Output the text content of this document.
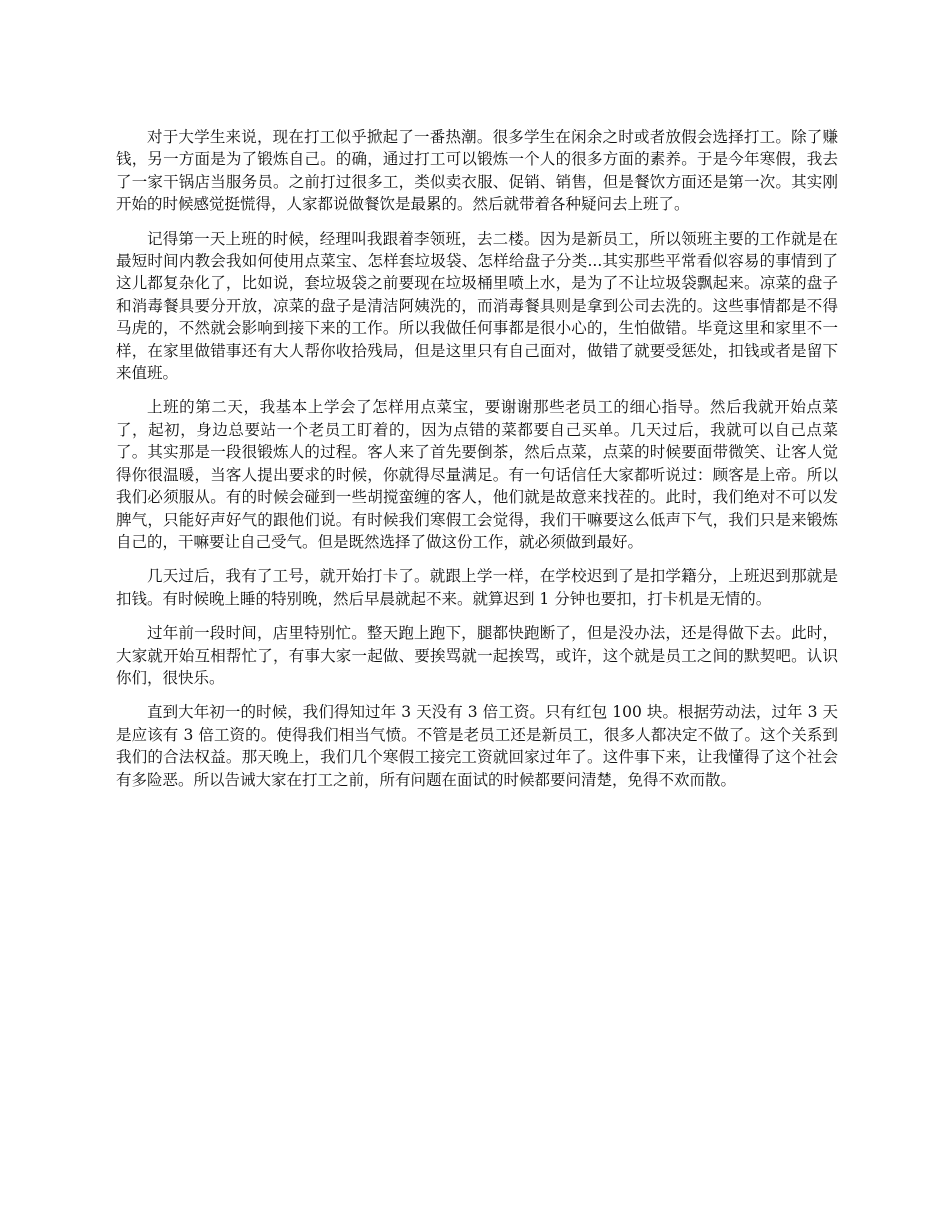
对于大学生来说，现在打工似乎掀起了一番热潮。很多学生在闲余之时或者放假会选择打工。除了赚钱，另一方面是为了锻炼自己。的确，通过打工可以锻炼一个人的很多方面的素养。于是今年寒假，我去了一家干锅店当服务员。之前打过很多工，类似卖衣服、促销、销售，但是餐饮方面还是第一次。其实刚开始的时候感觉挺慌得，人家都说做餐饮是最累的。然后就带着各种疑问去上班了。

记得第一天上班的时候，经理叫我跟着李领班，去二楼。因为是新员工，所以领班主要的工作就是在最短时间内教会我如何使用点菜宝、怎样套垃圾袋、怎样给盘子分类...其实那些平常看似容易的事情到了这儿都复杂化了，比如说，套垃圾袋之前要现在垃圾桶里喷上水，是为了不让垃圾袋飘起来。凉菜的盘子和消毒餐具要分开放，凉菜的盘子是清洁阿姨洗的，而消毒餐具则是拿到公司去洗的。这些事情都是不得马虎的，不然就会影响到接下来的工作。所以我做任何事都是很小心的，生怕做错。毕竟这里和家里不一样，在家里做错事还有大人帮你收拾残局，但是这里只有自己面对，做错了就要受惩处，扣钱或者是留下来值班。

上班的第二天，我基本上学会了怎样用点菜宝，要谢谢那些老员工的细心指导。然后我就开始点菜了，起初，身边总要站一个老员工盯着的，因为点错的菜都要自己买单。几天过后，我就可以自己点菜了。其实那是一段很锻炼人的过程。客人来了首先要倒茶，然后点菜，点菜的时候要面带微笑、让客人觉得你很温暖，当客人提出要求的时候，你就得尽量满足。有一句话信任大家都听说过：顾客是上帝。所以我们必须服从。有的时候会碰到一些胡搅蛮缠的客人，他们就是故意来找茬的。此时，我们绝对不可以发脾气，只能好声好气的跟他们说。有时候我们寒假工会觉得，我们干嘛要这么低声下气，我们只是来锻炼自己的，干嘛要让自己受气。但是既然选择了做这份工作，就必须做到最好。

几天过后，我有了工号，就开始打卡了。就跟上学一样，在学校迟到了是扣学籍分，上班迟到那就是扣钱。有时候晚上睡的特别晚，然后早晨就起不来。就算迟到 1 分钟也要扣，打卡机是无情的。

过年前一段时间，店里特别忙。整天跑上跑下，腿都快跑断了，但是没办法，还是得做下去。此时，大家就开始互相帮忙了，有事大家一起做、要挨骂就一起挨骂，或许，这个就是员工之间的默契吧。认识你们，很快乐。

直到大年初一的时候，我们得知过年 3 天没有 3 倍工资。只有红包 100 块。根据劳动法，过年 3 天是应该有 3 倍工资的。使得我们相当气愤。不管是老员工还是新员工，很多人都决定不做了。这个关系到我们的合法权益。那天晚上，我们几个寒假工接完工资就回家过年了。这件事下来，让我懂得了这个社会有多险恶。所以告诫大家在打工之前，所有问题在面试的时候都要问清楚，免得不欢而散。
